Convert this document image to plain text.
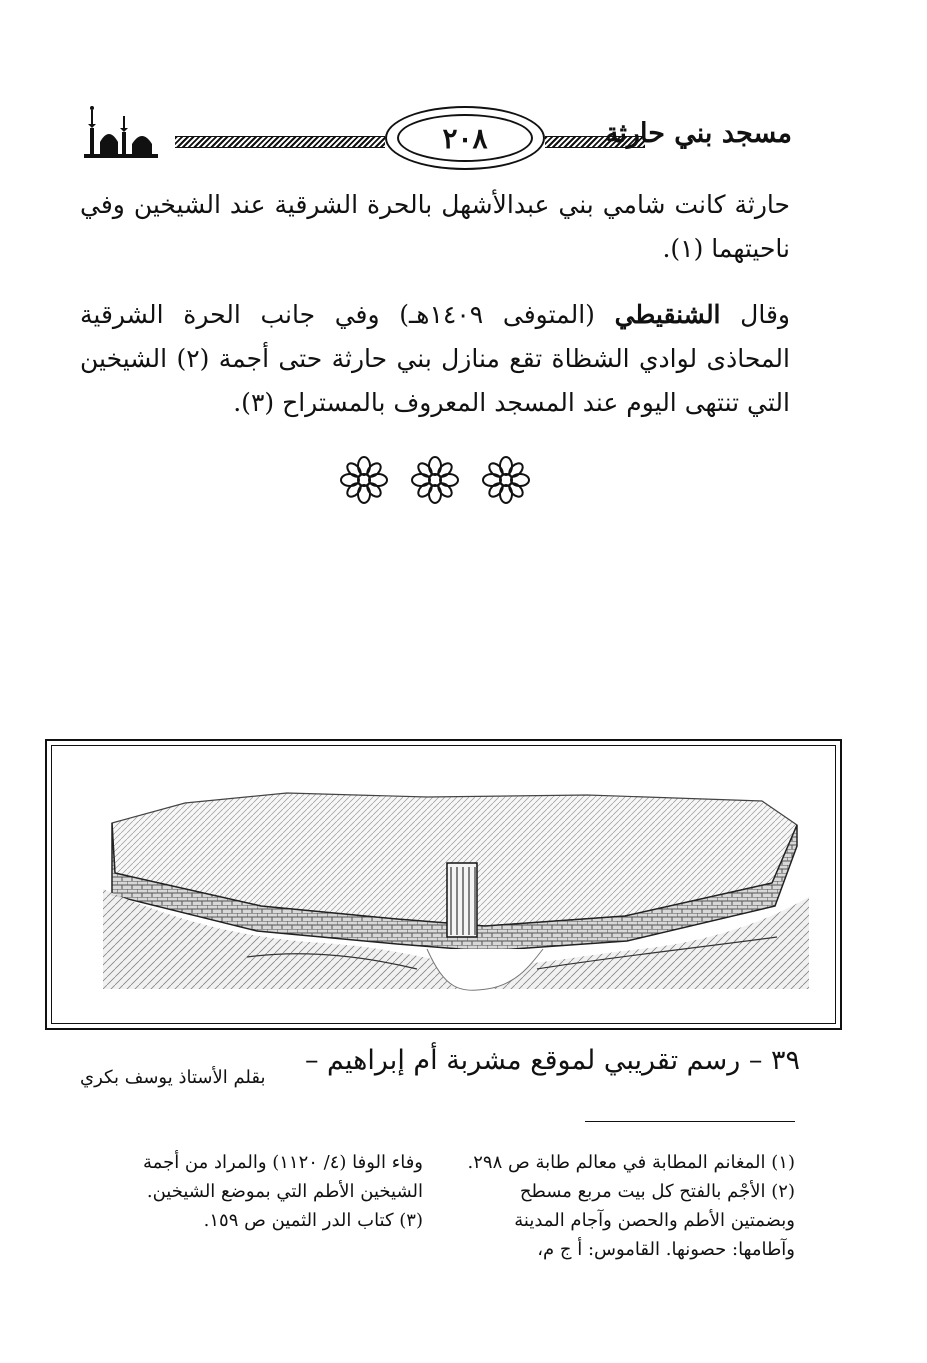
٢٠٨	مسجد بني حارثة

حارثة كانت شامي بني عبدالأشهل بالحرة الشرقية عند الشيخين وفي ناحيتهما (١).

وقال الشنقيطي (المتوفى ١٤٠٩هـ) وفي جانب الحرة الشرقية المحاذى لوادي الشظاة تقع منازل بني حارثة حتى أجمة (٢) الشيخين التي تنتهى اليوم عند المسجد المعروف بالمستراح (٣).

٣٩ – رسم تقريبي لموقع مشربة أم إبراهيم –
بقلم الأستاذ يوسف بكري
(١) المغانم المطابة في معالم طابة ص ٢٩٨.
(٢) الأجْم بالفتح كل بيت مربع مسطح وبضمتين الأطم والحصن وآجام المدينة وآطامها: حصونها. القاموس: أ ج م،
وفاء الوفا (٤/ ١١٢٠) والمراد من أجمة الشيخين الأطم التي بموضع الشيخين.
(٣) كتاب الدر الثمين ص ١٥٩.
